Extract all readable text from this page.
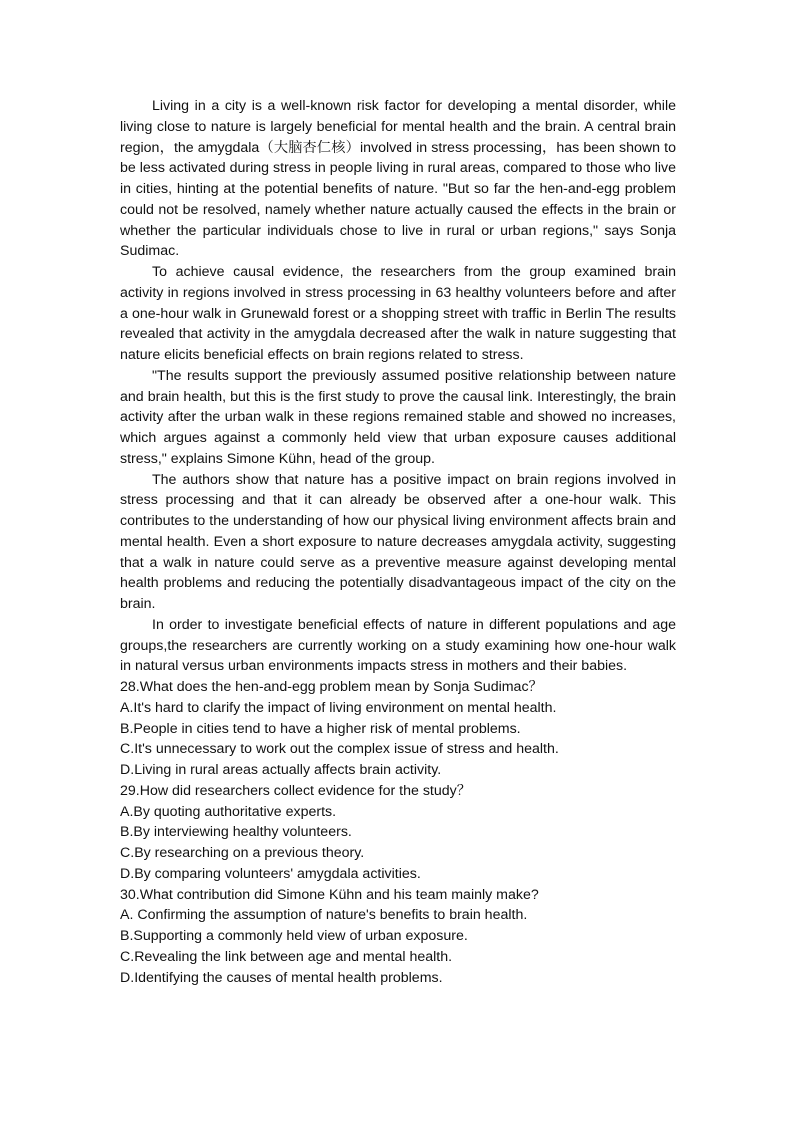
Living in a city is a well-known risk factor for developing a mental disorder, while living close to nature is largely beneficial for mental health and the brain. A central brain region，the amygdala（大脑杏仁核）involved in stress processing，has been shown to be less activated during stress in people living in rural areas, compared to those who live in cities, hinting at the potential benefits of nature. "But so far the hen-and-egg problem could not be resolved, namely whether nature actually caused the effects in the brain or whether the particular individuals chose to live in rural or urban regions," says Sonja Sudimac.

To achieve causal evidence, the researchers from the group examined brain activity in regions involved in stress processing in 63 healthy volunteers before and after a one-hour walk in Grunewald forest or a shopping street with traffic in Berlin The results revealed that activity in the amygdala decreased after the walk in nature suggesting that nature elicits beneficial effects on brain regions related to stress.

"The results support the previously assumed positive relationship between nature and brain health, but this is the first study to prove the causal link. Interestingly, the brain activity after the urban walk in these regions remained stable and showed no increases, which argues against a commonly held view that urban exposure causes additional stress," explains Simone Kühn, head of the group.

The authors show that nature has a positive impact on brain regions involved in stress processing and that it can already be observed after a one-hour walk. This contributes to the understanding of how our physical living environment affects brain and mental health. Even a short exposure to nature decreases amygdala activity, suggesting that a walk in nature could serve as a preventive measure against developing mental health problems and reducing the potentially disadvantageous impact of the city on the brain.

In order to investigate beneficial effects of nature in different populations and age groups,the researchers are currently working on a study examining how one-hour walk in natural versus urban environments impacts stress in mothers and their babies.

28.What does the hen-and-egg problem mean by Sonja Sudimac？
A.It's hard to clarify the impact of living environment on mental health.
B.People in cities tend to have a higher risk of mental problems.
C.It's unnecessary to work out the complex issue of stress and health.
D.Living in rural areas actually affects brain activity.
29.How did researchers collect evidence for the study？
A.By quoting authoritative experts.
B.By interviewing healthy volunteers.
C.By researching on a previous theory.
D.By comparing volunteers' amygdala activities.
30.What contribution did Simone Kühn and his team mainly make?
A. Confirming the assumption of nature's benefits to brain health.
B.Supporting a commonly held view of urban exposure.
C.Revealing the link between age and mental health.
D.Identifying the causes of mental health problems.
